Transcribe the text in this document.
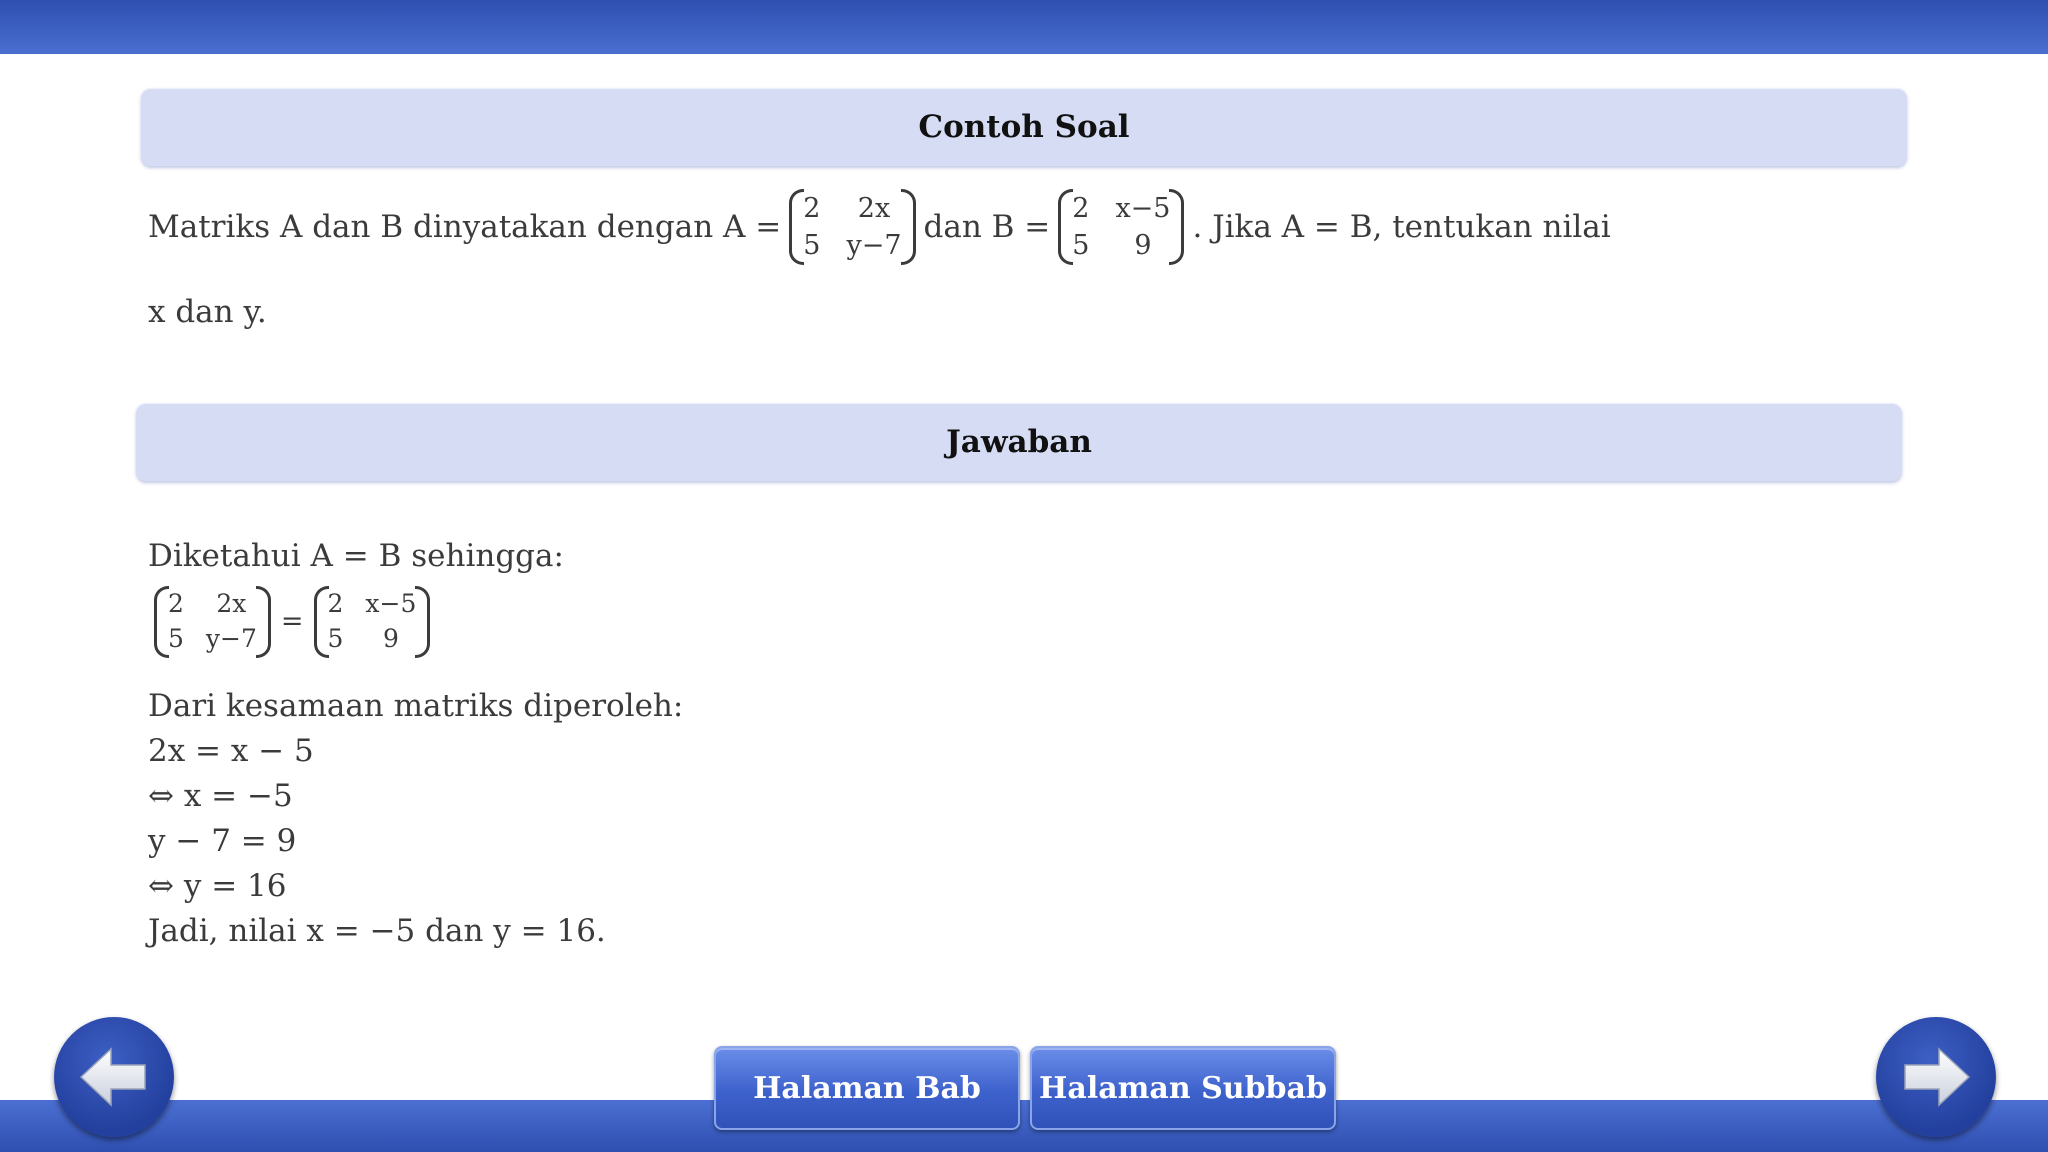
Contoh Soal
Matriks A dan B dinyatakan dengan A =
2	2x
5 y−7
dan B =
2 x−5
5	9
. Jika A = B, tentukan nilai
x dan y.
Jawaban
Diketahui A = B sehingga:
2	2x
5 y−7
=
2 x−5
5	9
Dari kesamaan matriks diperoleh:
2x = x − 5
⇔ x = −5
y − 7 = 9
⇔ y = 16
Jadi, nilai x = −5 dan y = 16.
Halaman Bab Halaman Subbab
